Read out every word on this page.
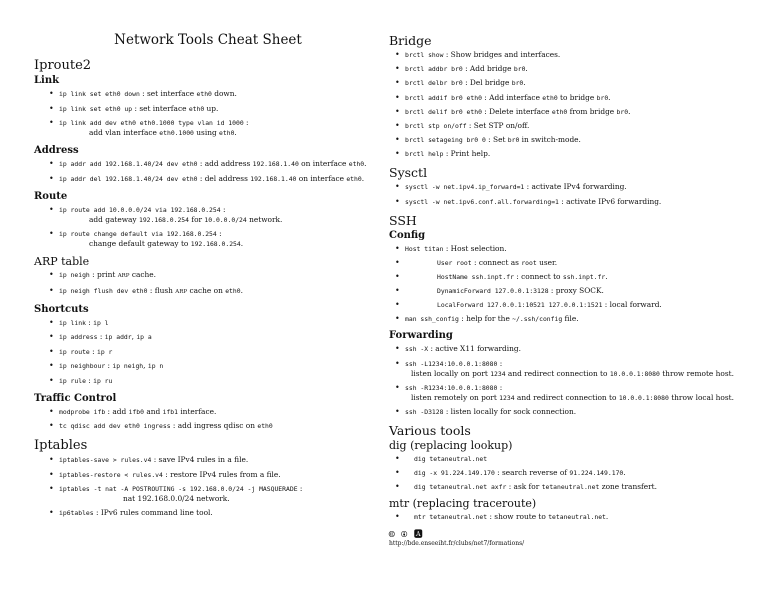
Network Tools Cheat Sheet
Iproute2
Link
• ip link set eth0 down : set interface eth0 down.
• ip link set eth0 up : set interface eth0 up.
• ip link add dev eth0 eth0.1000 type vlan id 1000 :
add vlan interface eth0.1000 using eth0.
Address
• ip addr add 192.168.1.40/24 dev eth0 : add address 192.168.1.40 on interface eth0.
• ip addr del 192.168.1.40/24 dev eth0 : del address 192.168.1.40 on interface eth0.
Route
• ip route add 10.0.0.0/24 via 192.168.0.254 :
add gateway 192.168.0.254 for 10.0.0.0/24 network.
• ip route change default via 192.168.0.254 :
change default gateway to 192.168.0.254.
ARP table
• ip neigh : print ARP cache.
• ip neigh flush dev eth0 : flush ARP cache on eth0.
Shortcuts
• ip link : ip l
• ip address : ip addr, ip a
• ip route : ip r
• ip neighbour : ip neigh, ip n
• ip rule : ip ru
Traffic Control
• modprobe ifb : add ifb0 and ifb1 interface.
• tc qdisc add dev eth0 ingress : add ingress qdisc on eth0
Iptables
• iptables-save > rules.v4 : save IPv4 rules in a file.
• iptables-restore < rules.v4 : restore IPv4 rules from a file.
• iptables -t nat -A POSTROUTING -s 192.168.0.0/24 -j MASQUERADE :
nat 192.168.0.0/24 network.
• ip6tables : IPv6 rules command line tool.
Bridge
• brctl show : Show bridges and interfaces.
• brctl addbr br0 : Add bridge br0.
• brctl delbr br0 : Del bridge br0.
• brctl addif br0 eth0 : Add interface eth0 to bridge br0.
• brctl delif br0 eth0 : Delete interface eth0 from bridge br0.
• brctl stp on/off : Set STP on/off.
• brctl setageing br0 0 : Set br0 in switch-mode.
• brctl help : Print help.
Sysctl
• sysctl -w net.ipv4.ip_forward=1 : activate IPv4 forwarding.
• sysctl -w net.ipv6.conf.all.forwarding=1 : activate IPv6 forwarding.
SSH
Config
• Host titan : Host selection.
• User root : connect as root user.
• HostName ssh.inpt.fr : connect to ssh.inpt.fr.
• DynamicForward 127.0.0.1:3128 : proxy SOCK.
• LocalForward 127.0.0.1:10521 127.0.0.1:1521 : local forward.
• man ssh_config : help for the ~/.ssh/config file.
Forwarding
• ssh -X : active X11 forwarding.
• ssh -L1234:10.0.0.1:8080 :
listen locally on port 1234 and redirect connection to 10.0.0.1:8080 throw remote host.
• ssh -R1234:10.0.0.1:8080 :
listen remotely on port 1234 and redirect connection to 10.0.0.1:8080 throw local host.
• ssh -D3128 : listen locally for sock connection.
Various tools
dig (replacing lookup)
• dig tetaneutral.net
• dig -x 91.224.149.170 : search reverse of 91.224.149.170.
• dig tetaneutral.net axfr : ask for tetaneutral.net zone transfert.
mtr (replacing traceroute)
• mtr tetaneutral.net : show route to tetaneutral.net.
🅭 🅯 🅰
http://bde.enseeiht.fr/clubs/net7/formations/
